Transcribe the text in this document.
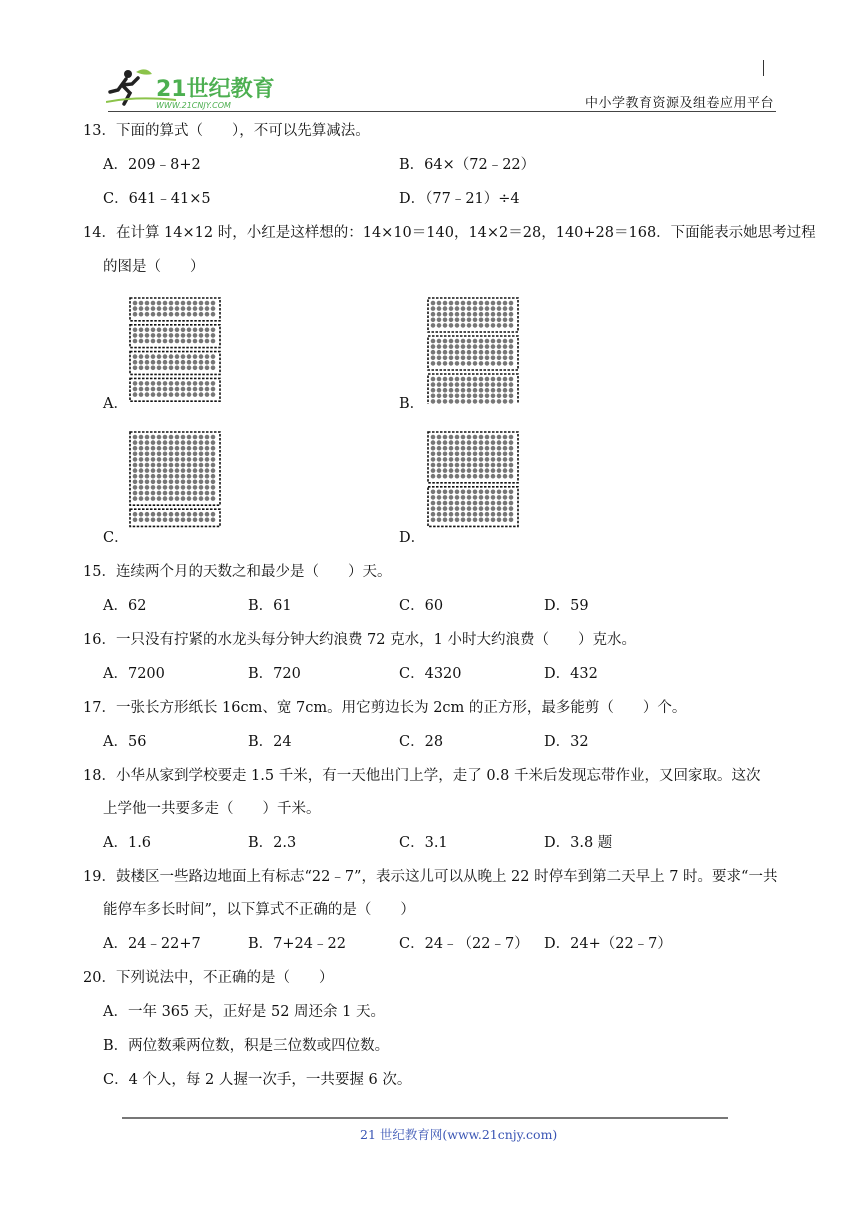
21世纪教育
WWW.21CNJY.COM	中小学教育资源及组卷应用平台
13．下面的算式（　　），不可以先算减法。
A．209﹣8+2	B．64×（72﹣22）
C．641﹣41×5	D．（77﹣21）÷4
14．在计算 14×12 时，小红是这样想的：14×10＝140，14×2＝28，140+28＝168．下面能表示她思考过程
的图是（　　）
A．	B．
C．	D．
15．连续两个月的天数之和最少是（　　）天。
A．62	B．61	C．60	D．59
16．一只没有拧紧的水龙头每分钟大约浪费 72 克水，1 小时大约浪费（　　）克水。
A．7200	B．720	C．4320	D．432
17．一张长方形纸长 16cm、宽 7cm。用它剪边长为 2cm 的正方形，最多能剪（　　）个。
A．56	B．24	C．28	D．32
18．小华从家到学校要走 1.5 千米，有一天他出门上学，走了 0.8 千米后发现忘带作业，又回家取。这次
上学他一共要多走（　　）千米。
A．1.6	B．2.3	C．3.1	D．3.8 题
19．鼓楼区一些路边地面上有标志“22﹣7”，表示这儿可以从晚上 22 时停车到第二天早上 7 时。要求“一共
能停车多长时间”，以下算式不正确的是（　　）
A．24﹣22+7	B．7+24﹣22	C．24﹣（22﹣7） D．24+（22﹣7）
20．下列说法中，不正确的是（　　）
A．一年 365 天，正好是 52 周还余 1 天。
B．两位数乘两位数，积是三位数或四位数。
C．4 个人，每 2 人握一次手，一共要握 6 次。
21 世纪教育网(www.21cnjy.com)
